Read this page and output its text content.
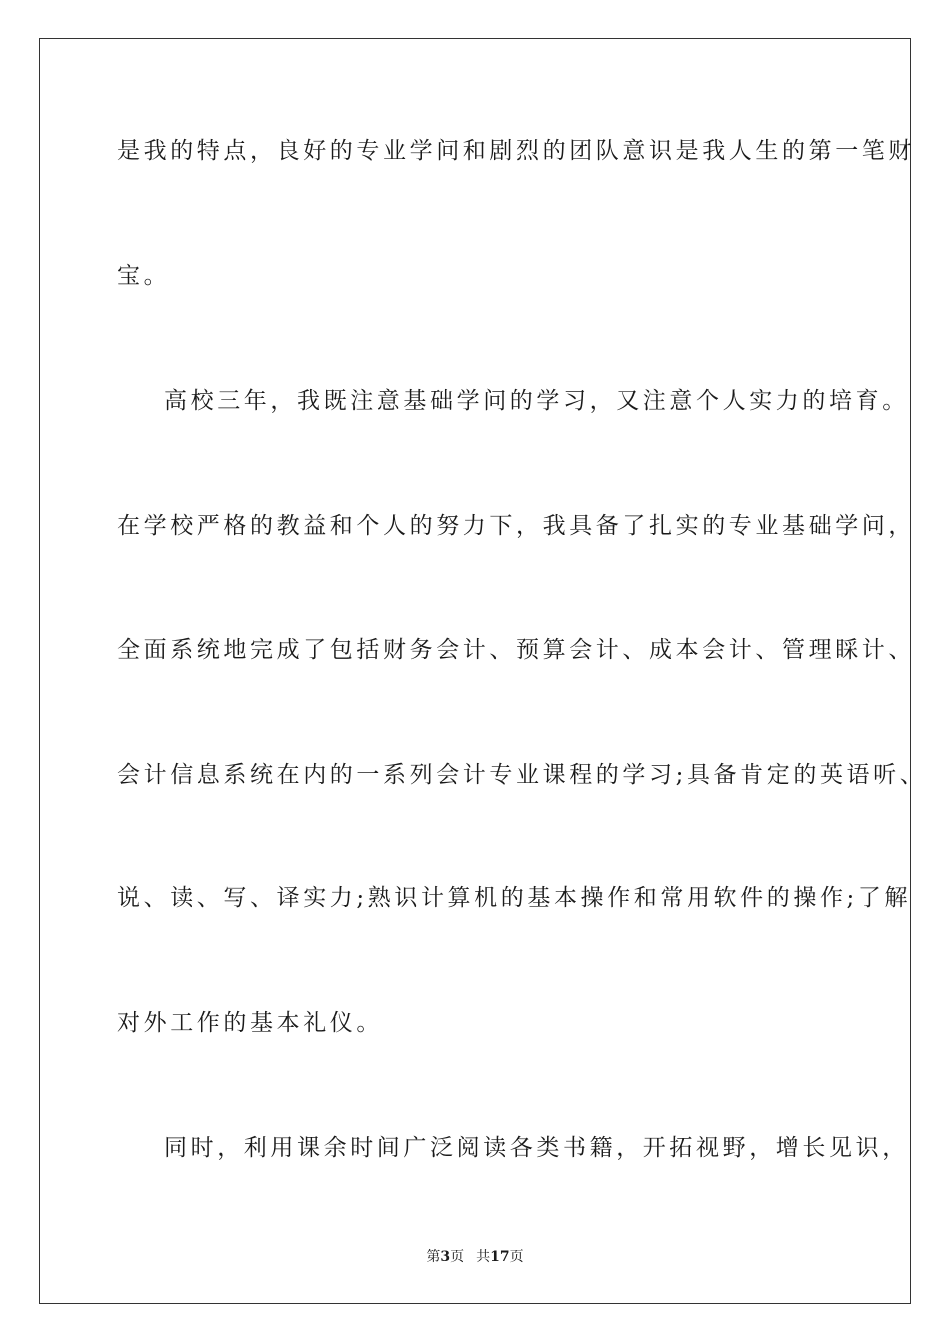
是我的特点，良好的专业学问和剧烈的团队意识是我人生的第一笔财
宝。
高校三年，我既注意基础学问的学习，又注意个人实力的培育。
在学校严格的教益和个人的努力下，我具备了扎实的专业基础学问，
全面系统地完成了包括财务会计、预算会计、成本会计、管理睬计、
会计信息系统在内的一系列会计专业课程的学习;具备肯定的英语听、
说、读、写、译实力;熟识计算机的基本操作和常用软件的操作;了解
对外工作的基本礼仪。
同时，利用课余时间广泛阅读各类书籍，开拓视野，增长见识，
第3页 共17页
